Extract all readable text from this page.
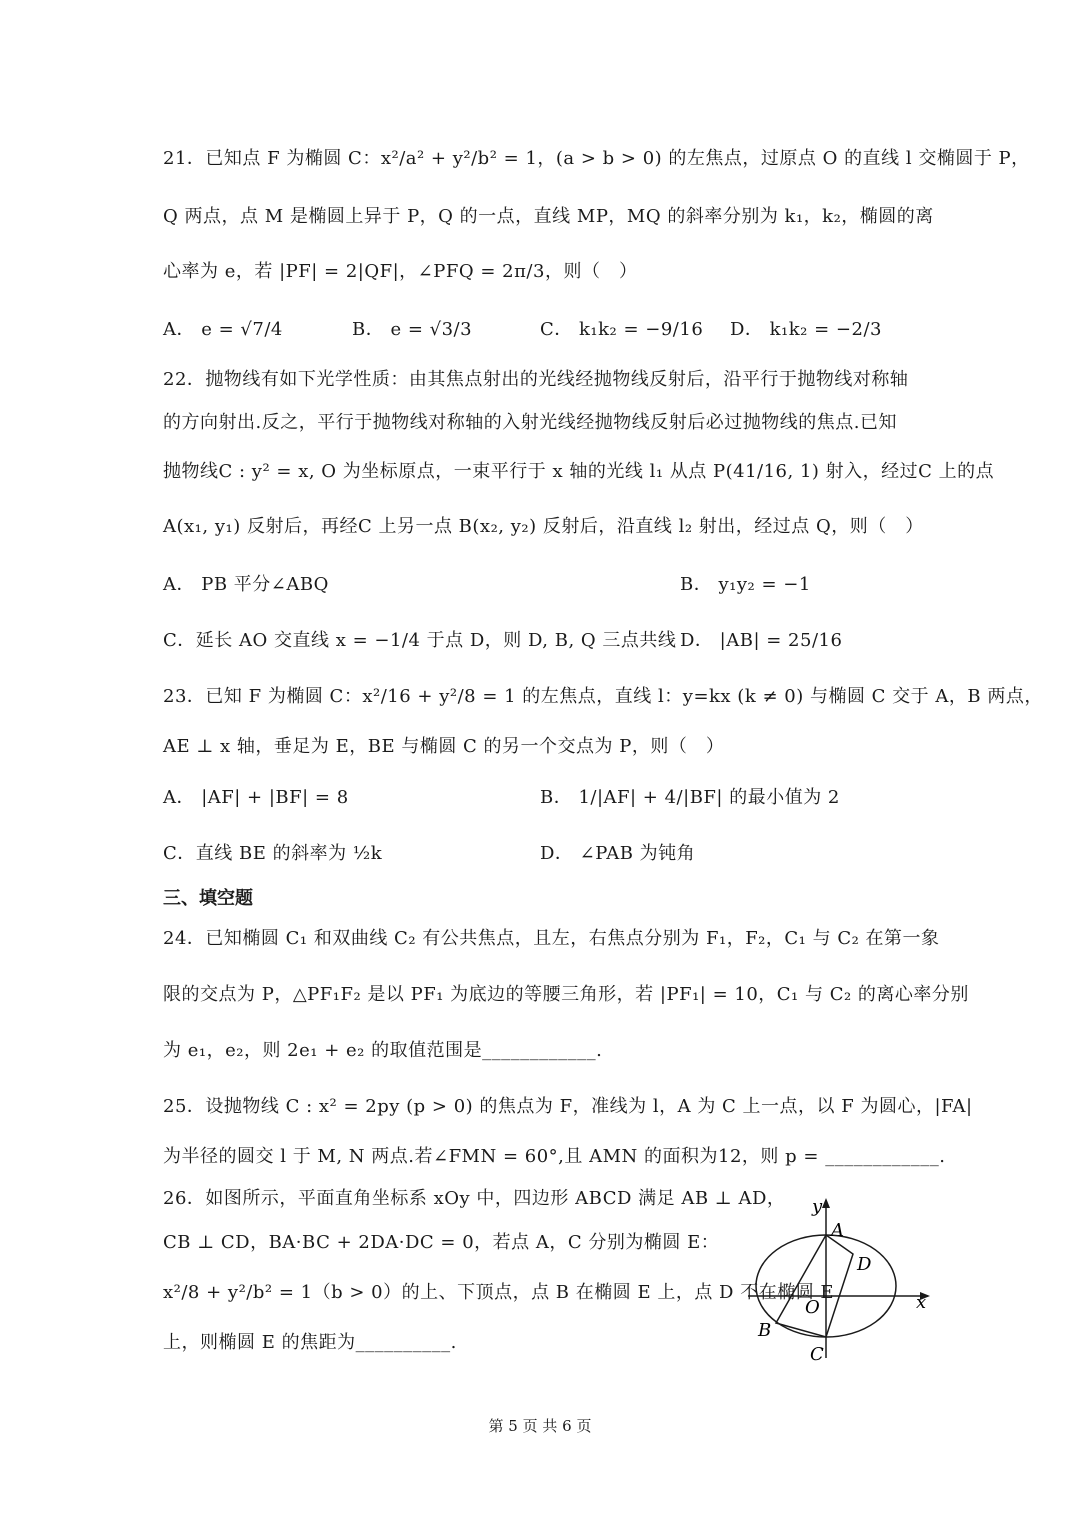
21．已知点 F 为椭圆 C：x²/a² + y²/b² = 1，(a > b > 0) 的左焦点，过原点 O 的直线 l 交椭圆于 P，
Q 两点，点 M 是椭圆上异于 P，Q 的一点，直线 MP，MQ 的斜率分别为 k₁，k₂，椭圆的离
心率为 e，若 |PF| = 2|QF|，∠PFQ = 2π/3，则（　）
A． e = √7/4	B． e = √3/3	C． k₁k₂ = −9/16 D． k₁k₂ = −2/3
22．抛物线有如下光学性质：由其焦点射出的光线经抛物线反射后，沿平行于抛物线对称轴
的方向射出.反之，平行于抛物线对称轴的入射光线经抛物线反射后必过抛物线的焦点.已知
抛物线C : y² = x, O 为坐标原点，一束平行于 x 轴的光线 l₁ 从点 P(41/16, 1) 射入，经过C 上的点
A(x₁, y₁) 反射后，再经C 上另一点 B(x₂, y₂) 反射后，沿直线 l₂ 射出，经过点 Q，则（　）
A． PB 平分∠ABQ	B． y₁y₂ = −1
C．延长 AO 交直线 x = −1/4 于点 D，则 D, B, Q 三点共线 D． |AB| = 25/16
23．已知 F 为椭圆 C：x²/16 + y²/8 = 1 的左焦点，直线 l：y=kx (k ≠ 0) 与椭圆 C 交于 A，B 两点，
AE ⊥ x 轴，垂足为 E，BE 与椭圆 C 的另一个交点为 P，则（　）
A． |AF| + |BF| = 8	B． 1/|AF| + 4/|BF| 的最小值为 2
C．直线 BE 的斜率为 ½k	D． ∠PAB 为钝角
三、填空题
24．已知椭圆 C₁ 和双曲线 C₂ 有公共焦点，且左，右焦点分别为 F₁，F₂，C₁ 与 C₂ 在第一象
限的交点为 P，△PF₁F₂ 是以 PF₁ 为底边的等腰三角形，若 |PF₁| = 10，C₁ 与 C₂ 的离心率分别
为 e₁，e₂，则 2e₁ + e₂ 的取值范围是____________.
25．设抛物线 C : x² = 2py (p > 0) 的焦点为 F，准线为 l，A 为 C 上一点，以 F 为圆心，|FA|
为半径的圆交 l 于 M, N 两点.若∠FMN = 60°,且 AMN 的面积为12，则 p = ____________.
26．如图所示，平面直角坐标系 xOy 中，四边形 ABCD 满足 AB ⊥ AD，
CB ⊥ CD，BA·BC + 2DA·DC = 0，若点 A，C 分别为椭圆 E：
x²/8 + y²/b² = 1（b > 0）的上、下顶点，点 B 在椭圆 E 上，点 D 不在椭圆 E
上，则椭圆 E 的焦距为__________.
y
x
A
D
O
B
C
第 5 页 共 6 页
